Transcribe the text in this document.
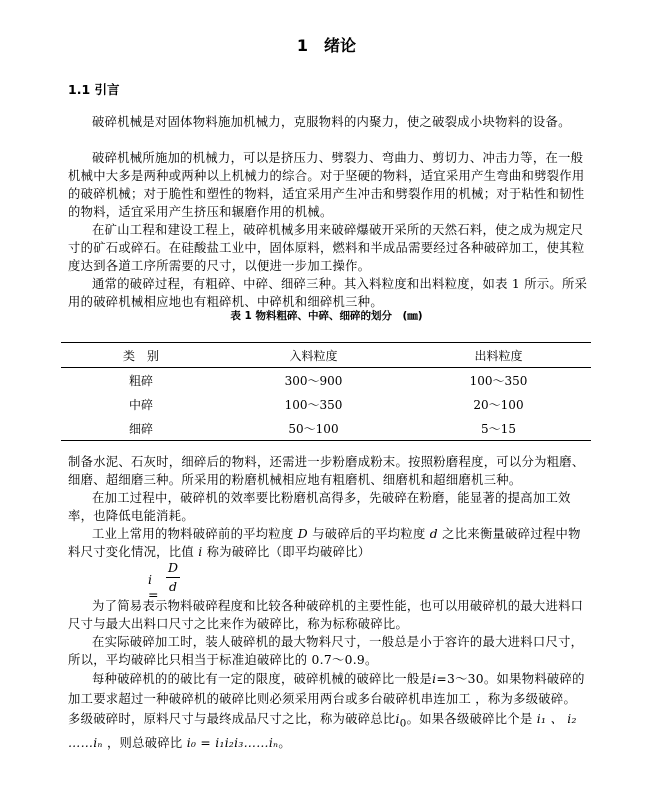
1　绪论
1.1 引言

破碎机械是对固体物料施加机械力，克服物料的内聚力，使之破裂成小块物料的设备。

破碎机械所施加的机械力，可以是挤压力、劈裂力、弯曲力、剪切力、冲击力等，在一般机械中大多是两种或两种以上机械力的综合。对于坚硬的物料，适宜采用产生弯曲和劈裂作用的破碎机械；对于脆性和塑性的物料，适宜采用产生冲击和劈裂作用的机械；对于粘性和韧性的物料，适宜采用产生挤压和辗磨作用的机械。

在矿山工程和建设工程上，破碎机械多用来破碎爆破开采所的天然石料，使之成为规定尺寸的矿石或碎石。在硅酸盐工业中，固体原料，燃料和半成品需要经过各种破碎加工，使其粒度达到各道工序所需要的尺寸，以便进一步加工操作。

通常的破碎过程，有粗碎、中碎、细碎三种。其入料粒度和出料粒度，如表 1 所示。所采用的破碎机械相应地也有粗碎机、中碎机和细碎机三种。

表 1 物料粗碎、中碎、细碎的划分　(㎜)
类　别	入料粒度	出料粒度
粗碎	300～900	100～350
中碎	100～350	20～100
细碎	50～100	5～15

制备水泥、石灰时，细碎后的物料，还需进一步粉磨成粉末。按照粉磨程度，可以分为粗磨、细磨、超细磨三种。所采用的粉磨机械相应地有粗磨机、细磨机和超细磨机三种。

在加工过程中，破碎机的效率要比粉磨机高得多，先破碎在粉磨，能显著的提高加工效率，也降低电能消耗。

工业上常用的物料破碎前的平均粒度 D 与破碎后的平均粒度 d 之比来衡量破碎过程中物料尺寸变化情况，比值 i 称为破碎比（即平均破碎比）

i =
D
d

为了简易表示物料破碎程度和比较各种破碎机的主要性能，也可以用破碎机的最大进料口尺寸与最大出料口尺寸之比来作为破碎比，称为标称破碎比。

在实际破碎加工时，装人破碎机的最大物料尺寸，一般总是小于容许的最大进料口尺寸，所以，平均破碎比只相当于标准迫破碎比的 0.7～0.9。

每种破碎机的的破比有一定的限度，破碎机械的破碎比一般是i=3～30。如果物料破碎的加工要求超过一种破碎机的破碎比则必须采用两台或多台破碎机串连加工 ，称为多级破碎。多级破碎时，原料尺寸与最终成品尺寸之比，称为破碎总比$i_0$。如果各级破碎比个是 i₁ 、 i₂ ……iₙ ，则总破碎比 i₀ = i₁i₂i₃……iₙ。
